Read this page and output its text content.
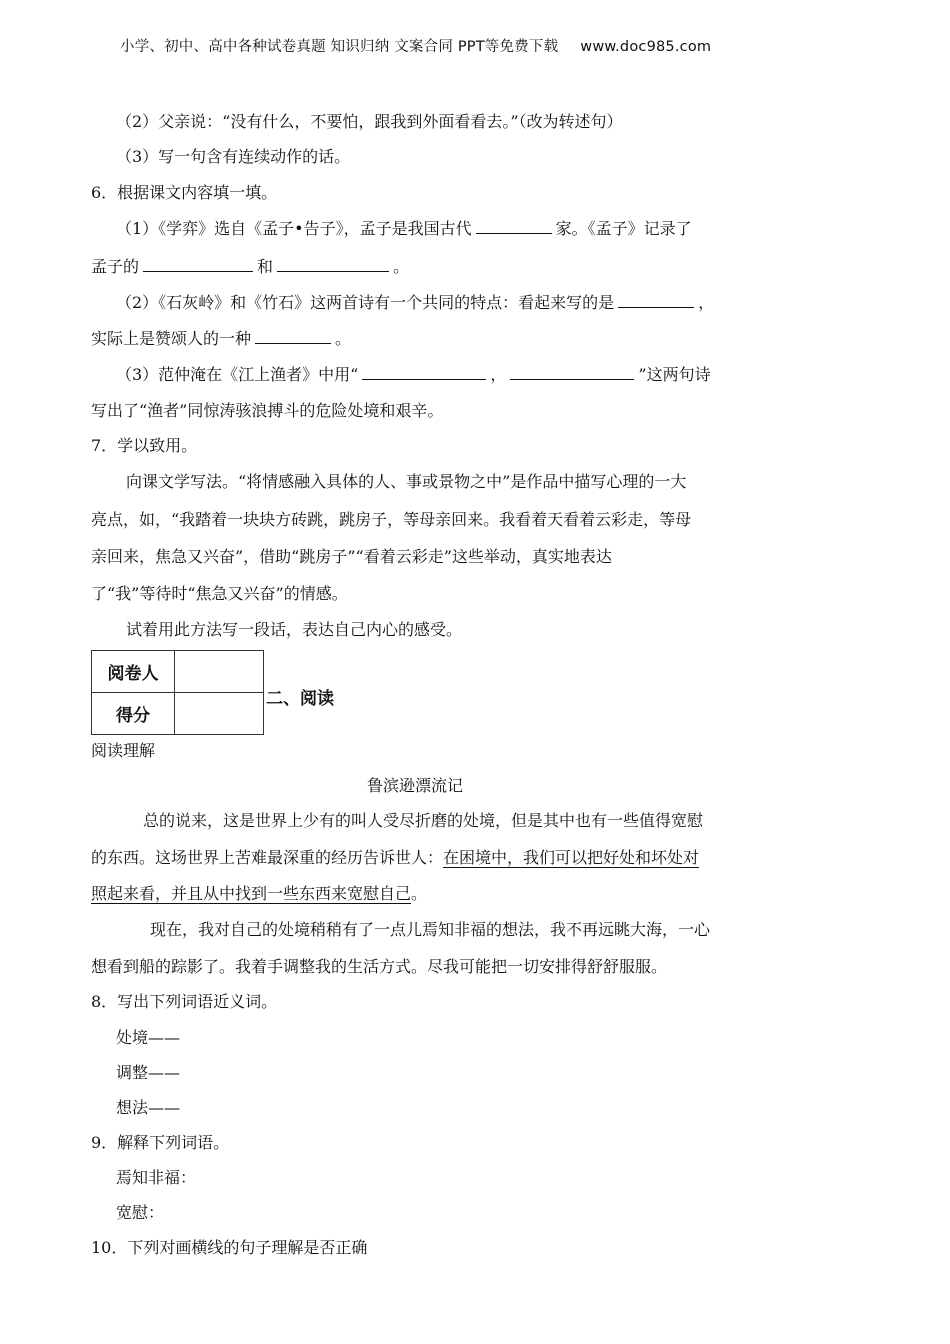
小学、初中、高中各种试卷真题 知识归纳 文案合同 PPT等免费下载 www.doc985.com
（2）父亲说：“没有什么，不要怕，跟我到外面看看去。”（改为转述句）
（3）写一句含有连续动作的话。
6．根据课文内容填一填。
（1）《学弈》选自《孟子•告子》，孟子是我国古代	家。《孟子》记录了
孟子的	和	。
（2）《石灰岭》和《竹石》这两首诗有一个共同的特点：看起来写的是	，
实际上是赞颂人的一种	。
（3）范仲淹在《江上渔者》中用“	，	”这两句诗
写出了“渔者”同惊涛骇浪搏斗的危险处境和艰辛。
7．学以致用。
向课文学写法。“将情感融入具体的人、事或景物之中”是作品中描写心理的一大
亮点，如，“我踏着一块块方砖跳，跳房子，等母亲回来。我看着天看着云彩走，等母
亲回来，焦急又兴奋”，借助“跳房子”“看着云彩走”这些举动，真实地表达
了“我”等待时“焦急又兴奋”的情感。
试着用此方法写一段话，表达自己内心的感受。
阅卷人	
得分	
二、阅读
阅读理解
鲁滨逊漂流记
总的说来，这是世界上少有的叫人受尽折磨的处境，但是其中也有一些值得宽慰
的东西。这场世界上苦难最深重的经历告诉世人：在困境中，我们可以把好处和坏处对
照起来看，并且从中找到一些东西来宽慰自己。
现在，我对自己的处境稍稍有了一点儿焉知非福的想法，我不再远眺大海，一心
想看到船的踪影了。我着手调整我的生活方式。尽我可能把一切安排得舒舒服服。
8．写出下列词语近义词。
处境——
调整——
想法——
9．解释下列词语。
焉知非福：
宽慰：
10．下列对画横线的句子理解是否正确
